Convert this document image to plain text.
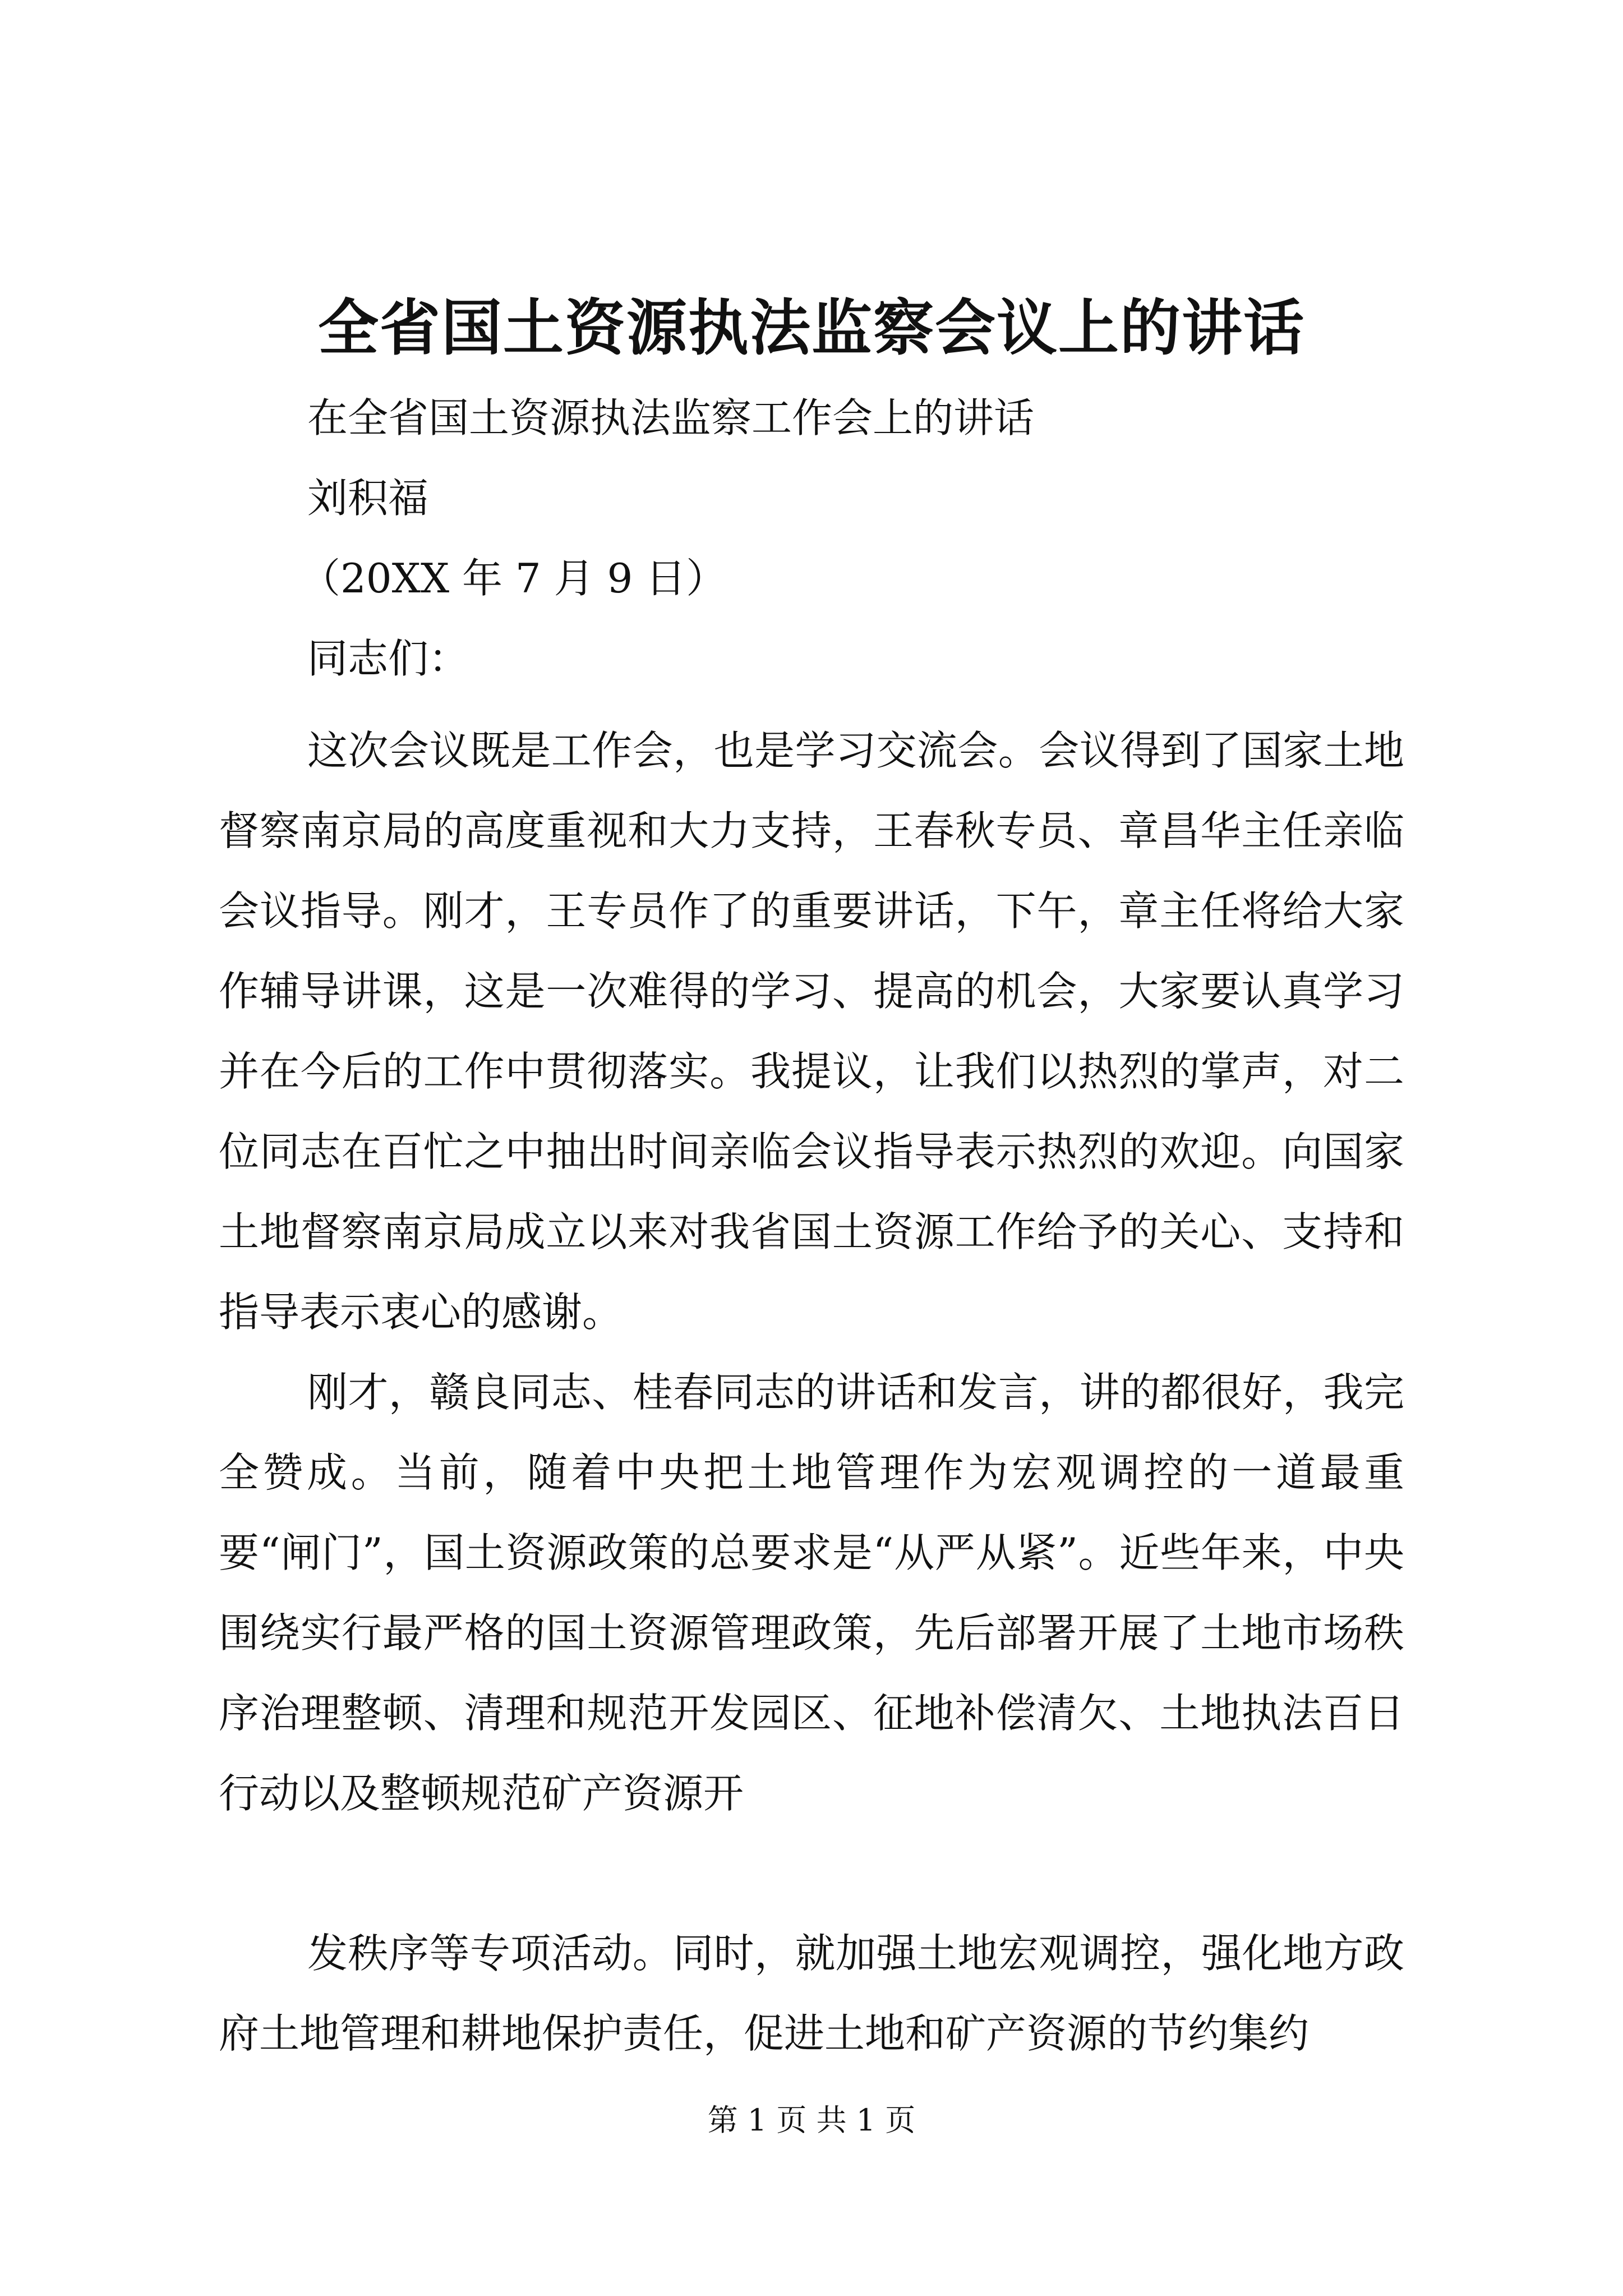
全省国土资源执法监察会议上的讲话

在全省国土资源执法监察工作会上的讲话

刘积福

（20XX 年 7 月 9 日）

同志们：

这次会议既是工作会，也是学习交流会。会议得到了国家土地督察南京局的高度重视和大力支持，王春秋专员、章昌华主任亲临会议指导。刚才，王专员作了的重要讲话，下午，章主任将给大家作辅导讲课，这是一次难得的学习、提高的机会，大家要认真学习并在今后的工作中贯彻落实。我提议，让我们以热烈的掌声，对二位同志在百忙之中抽出时间亲临会议指导表示热烈的欢迎。向国家土地督察南京局成立以来对我省国土资源工作给予的关心、支持和指导表示衷心的感谢。

刚才，赣良同志、桂春同志的讲话和发言，讲的都很好，我完全赞成。当前，随着中央把土地管理作为宏观调控的一道最重要“闸门”，国土资源政策的总要求是“从严从紧”。近些年来，中央围绕实行最严格的国土资源管理政策，先后部署开展了土地市场秩序治理整顿、清理和规范开发园区、征地补偿清欠、土地执法百日行动以及整顿规范矿产资源开

发秩序等专项活动。同时，就加强土地宏观调控，强化地方政府土地管理和耕地保护责任，促进土地和矿产资源的节约集约

第 1 页 共 1 页
